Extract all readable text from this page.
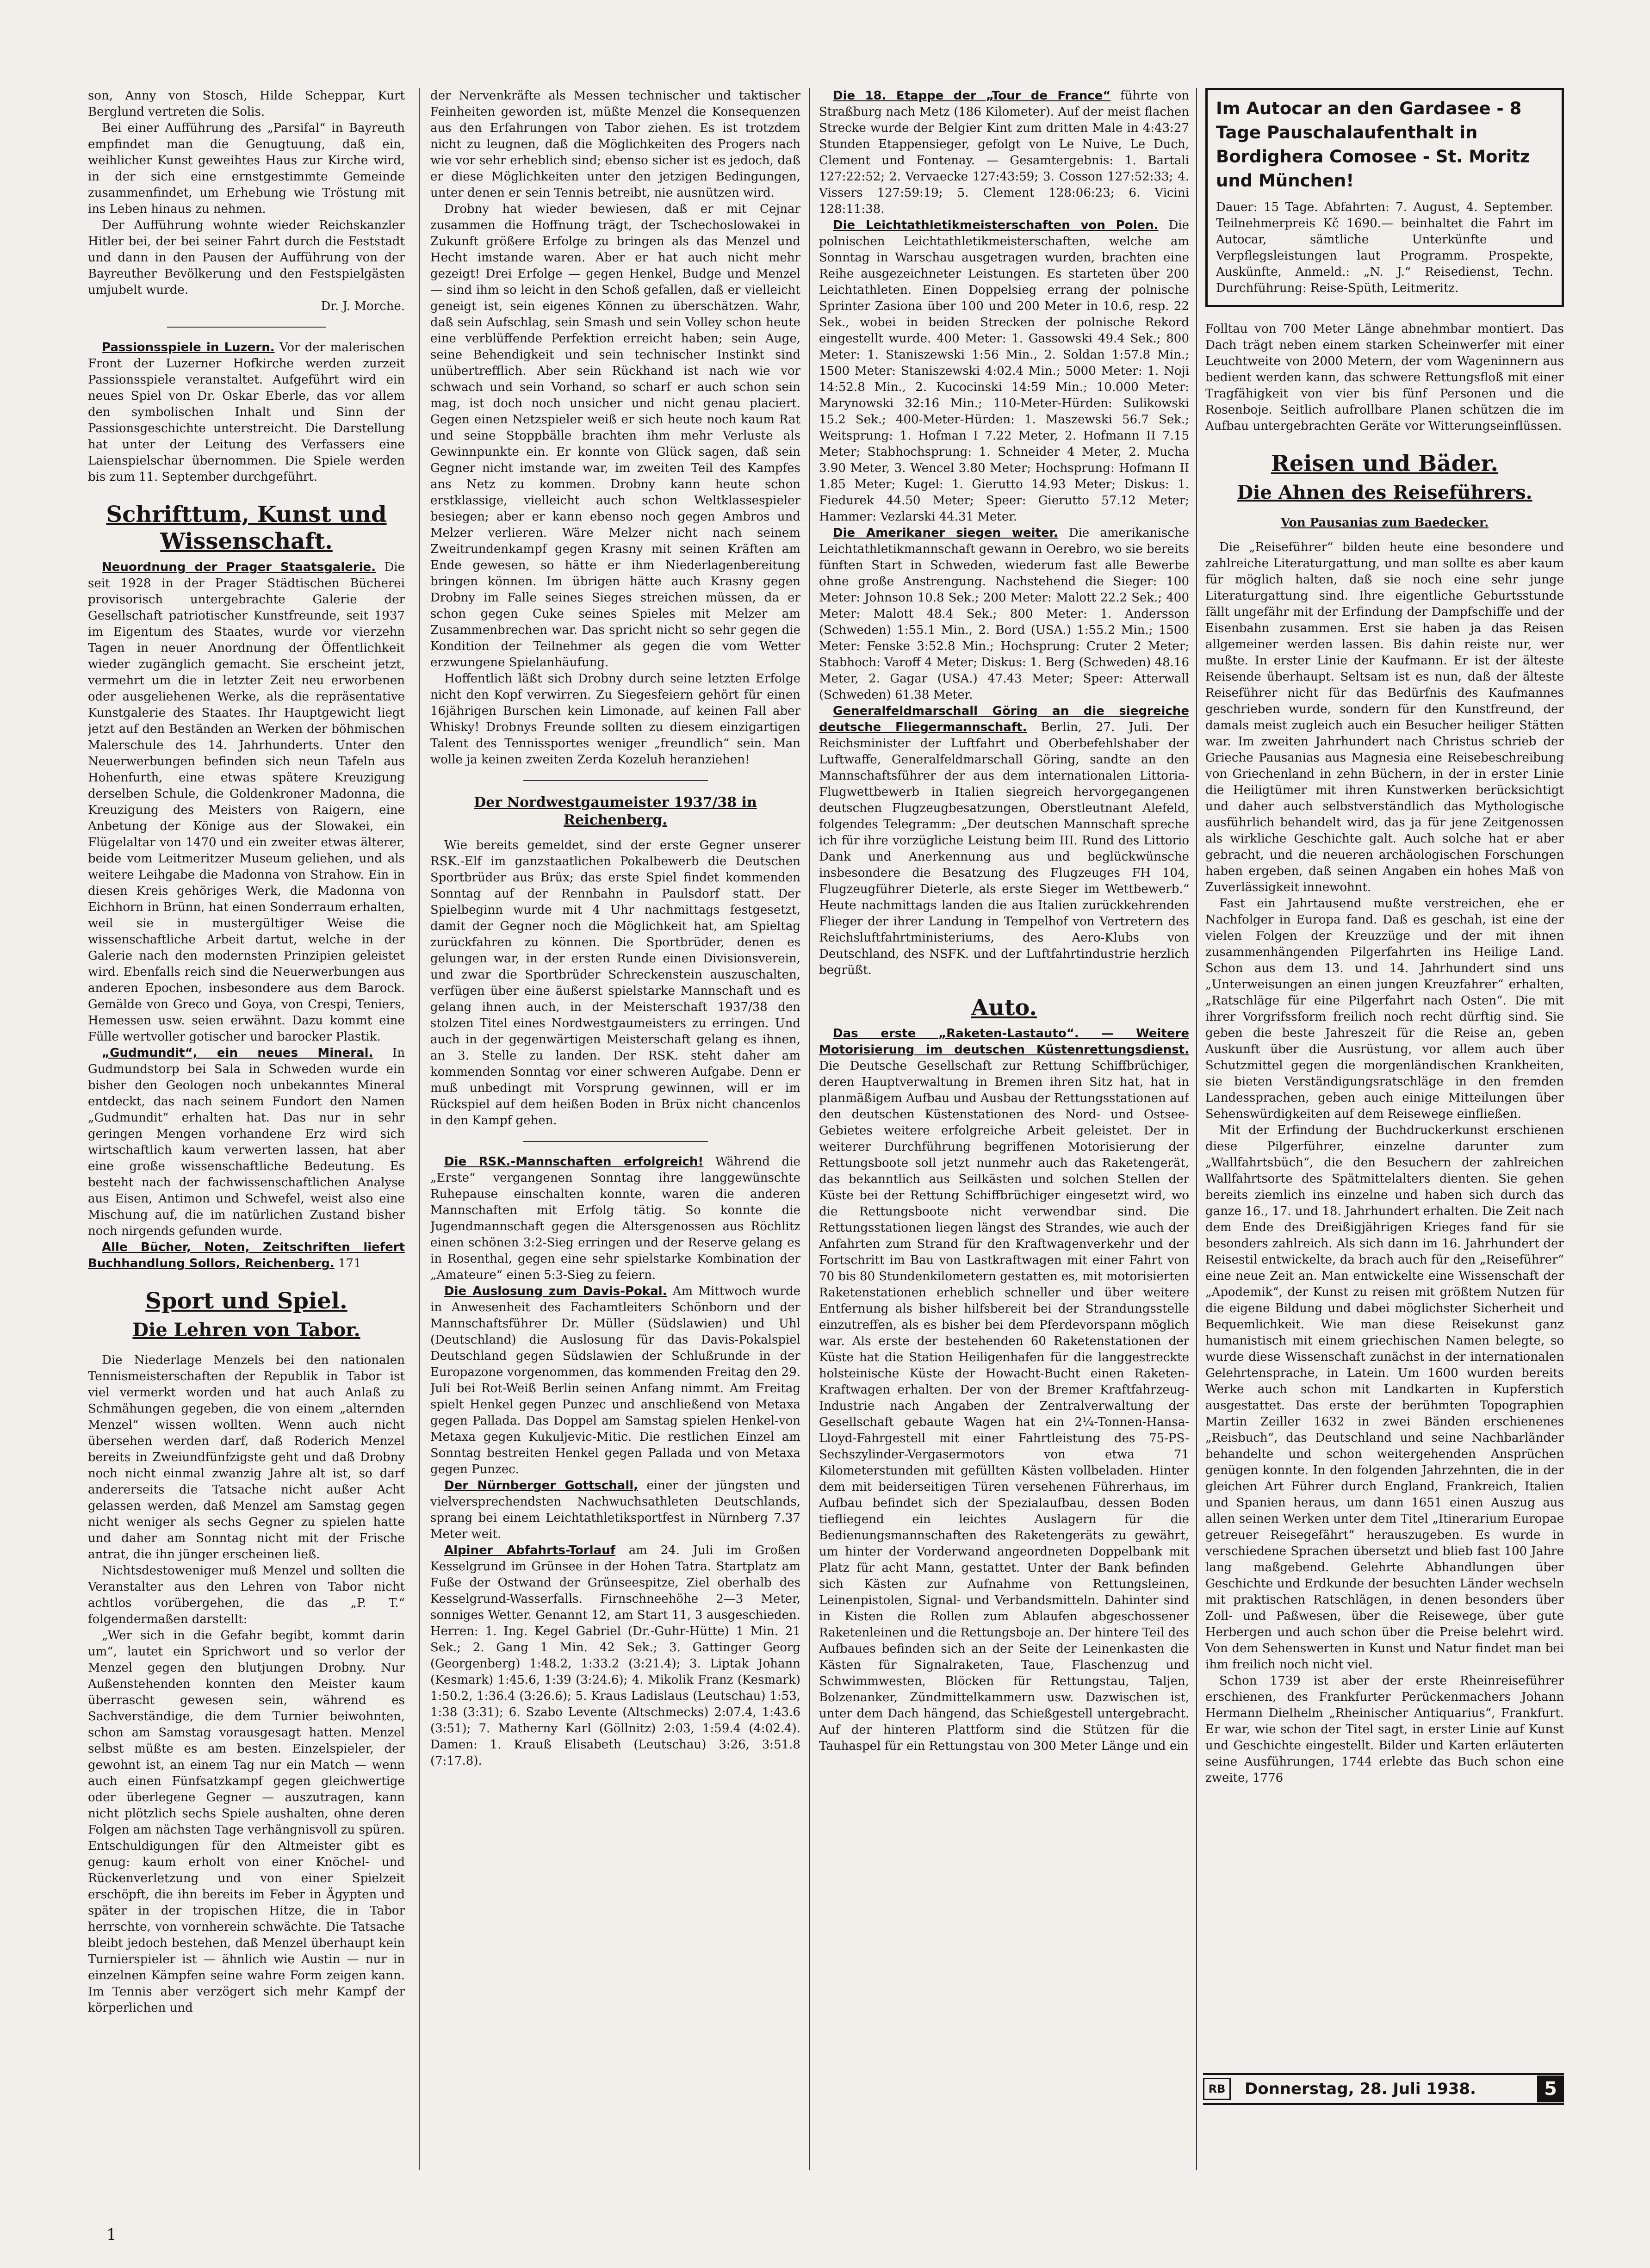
son, Anny von Stosch, Hilde Scheppar, Kurt Berglund vertreten die Solis.

Bei einer Aufführung des „Parsifal“ in Bayreuth empfindet man die Genugtuung, daß ein, weihlicher Kunst geweihtes Haus zur Kirche wird, in der sich eine ernstgestimmte Gemeinde zusammenfindet, um Erhebung wie Tröstung mit ins Leben hinaus zu nehmen.

Der Aufführung wohnte wieder Reichskanzler Hitler bei, der bei seiner Fahrt durch die Feststadt und dann in den Pausen der Aufführung von der Bayreuther Bevölkerung und den Festspielgästen umjubelt wurde.

Dr. J. Morche.

Passionsspiele in Luzern. Vor der malerischen Front der Luzerner Hofkirche werden zurzeit Passionsspiele veranstaltet. Aufgeführt wird ein neues Spiel von Dr. Oskar Eberle, das vor allem den symbolischen Inhalt und Sinn der Passionsgeschichte unterstreicht. Die Darstellung hat unter der Leitung des Verfassers eine Laienspielschar übernommen. Die Spiele werden bis zum 11. September durchgeführt.

Schrifttum, Kunst und Wissenschaft.

Neuordnung der Prager Staatsgalerie. Die seit 1928 in der Prager Städtischen Bücherei provisorisch untergebrachte Galerie der Gesellschaft patriotischer Kunstfreunde, seit 1937 im Eigentum des Staates, wurde vor vierzehn Tagen in neuer Anordnung der Öffentlichkeit wieder zugänglich gemacht. Sie erscheint jetzt, vermehrt um die in letzter Zeit neu erworbenen oder ausgeliehenen Werke, als die repräsentative Kunstgalerie des Staates. Ihr Hauptgewicht liegt jetzt auf den Beständen an Werken der böhmischen Malerschule des 14. Jahrhunderts. Unter den Neuerwerbungen befinden sich neun Tafeln aus Hohenfurth, eine etwas spätere Kreuzigung derselben Schule, die Goldenkroner Madonna, die Kreuzigung des Meisters von Raigern, eine Anbetung der Könige aus der Slowakei, ein Flügelaltar von 1470 und ein zweiter etwas älterer, beide vom Leitmeritzer Museum geliehen, und als weitere Leihgabe die Madonna von Strahow. Ein in diesen Kreis gehöriges Werk, die Madonna von Eichhorn in Brünn, hat einen Sonderraum erhalten, weil sie in mustergültiger Weise die wissenschaftliche Arbeit dartut, welche in der Galerie nach den modernsten Prinzipien geleistet wird. Ebenfalls reich sind die Neuerwerbungen aus anderen Epochen, insbesondere aus dem Barock. Gemälde von Greco und Goya, von Crespi, Teniers, Hemessen usw. seien erwähnt. Dazu kommt eine Fülle wertvoller gotischer und barocker Plastik.

„Gudmundit“, ein neues Mineral. In Gudmundstorp bei Sala in Schweden wurde ein bisher den Geologen noch unbekanntes Mineral entdeckt, das nach seinem Fundort den Namen „Gudmundit“ erhalten hat. Das nur in sehr geringen Mengen vorhandene Erz wird sich wirtschaftlich kaum verwerten lassen, hat aber eine große wissenschaftliche Bedeutung. Es besteht nach der fachwissenschaftlichen Analyse aus Eisen, Antimon und Schwefel, weist also eine Mischung auf, die im natürlichen Zustand bisher noch nirgends gefunden wurde.

Alle Bücher, Noten, Zeitschriften liefert Buchhandlung Sollors, Reichenberg. 171

Sport und Spiel.
Die Lehren von Tabor.

Die Niederlage Menzels bei den nationalen Tennismeisterschaften der Republik in Tabor ist viel vermerkt worden und hat auch Anlaß zu Schmähungen gegeben, die von einem „alternden Menzel“ wissen wollten. Wenn auch nicht übersehen werden darf, daß Roderich Menzel bereits in Zweiundfünfzigste geht und daß Drobny noch nicht einmal zwanzig Jahre alt ist, so darf andererseits die Tatsache nicht außer Acht gelassen werden, daß Menzel am Samstag gegen nicht weniger als sechs Gegner zu spielen hatte und daher am Sonntag nicht mit der Frische antrat, die ihn jünger erscheinen ließ.

Nichtsdestoweniger muß Menzel und sollten die Veranstalter aus den Lehren von Tabor nicht achtlos vorübergehen, die das „P. T.“ folgendermaßen darstellt:

„Wer sich in die Gefahr begibt, kommt darin um“, lautet ein Sprichwort und so verlor der Menzel gegen den blutjungen Drobny. Nur Außenstehenden konnten den Meister kaum überrascht gewesen sein, während es Sachverständige, die dem Turnier beiwohnten, schon am Samstag vorausgesagt hatten. Menzel selbst müßte es am besten. Einzelspieler, der gewohnt ist, an einem Tag nur ein Match — wenn auch einen Fünfsatzkampf gegen gleichwertige oder überlegene Gegner — auszutragen, kann nicht plötzlich sechs Spiele aushalten, ohne deren Folgen am nächsten Tage verhängnisvoll zu spüren. Entschuldigungen für den Altmeister gibt es genug: kaum erholt von einer Knöchel- und Rückenverletzung und von einer Spielzeit erschöpft, die ihn bereits im Feber in Ägypten und später in der tropischen Hitze, die in Tabor herrschte, von vornherein schwächte. Die Tatsache bleibt jedoch bestehen, daß Menzel überhaupt kein Turnierspieler ist — ähnlich wie Austin — nur in einzelnen Kämpfen seine wahre Form zeigen kann. Im Tennis aber verzögert sich mehr Kampf der körperlichen und

der Nervenkräfte als Messen technischer und taktischer Feinheiten geworden ist, müßte Menzel die Konsequenzen aus den Erfahrungen von Tabor ziehen. Es ist trotzdem nicht zu leugnen, daß die Möglichkeiten des Progers nach wie vor sehr erheblich sind; ebenso sicher ist es jedoch, daß er diese Möglichkeiten unter den jetzigen Bedingungen, unter denen er sein Tennis betreibt, nie ausnützen wird.

Drobny hat wieder bewiesen, daß er mit Cejnar zusammen die Hoffnung trägt, der Tschechoslowakei in Zukunft größere Erfolge zu bringen als das Menzel und Hecht imstande waren. Aber er hat auch nicht mehr gezeigt! Drei Erfolge — gegen Henkel, Budge und Menzel — sind ihm so leicht in den Schoß gefallen, daß er vielleicht geneigt ist, sein eigenes Können zu überschätzen. Wahr, daß sein Aufschlag, sein Smash und sein Volley schon heute eine verblüffende Perfektion erreicht haben; sein Auge, seine Behendigkeit und sein technischer Instinkt sind unübertrefflich. Aber sein Rückhand ist nach wie vor schwach und sein Vorhand, so scharf er auch schon sein mag, ist doch noch unsicher und nicht genau placiert. Gegen einen Netzspieler weiß er sich heute noch kaum Rat und seine Stoppbälle brachten ihm mehr Verluste als Gewinnpunkte ein. Er konnte von Glück sagen, daß sein Gegner nicht imstande war, im zweiten Teil des Kampfes ans Netz zu kommen. Drobny kann heute schon erstklassige, vielleicht auch schon Weltklassespieler besiegen; aber er kann ebenso noch gegen Ambros und Melzer verlieren. Wäre Melzer nicht nach seinem Zweitrundenkampf gegen Krasny mit seinen Kräften am Ende gewesen, so hätte er ihm Niederlagenbereitung bringen können. Im übrigen hätte auch Krasny gegen Drobny im Falle seines Sieges streichen müssen, da er schon gegen Cuke seines Spieles mit Melzer am Zusammenbrechen war. Das spricht nicht so sehr gegen die Kondition der Teilnehmer als gegen die vom Wetter erzwungene Spielanhäufung.

Hoffentlich läßt sich Drobny durch seine letzten Erfolge nicht den Kopf verwirren. Zu Siegesfeiern gehört für einen 16jährigen Burschen kein Limonade, auf keinen Fall aber Whisky! Drobnys Freunde sollten zu diesem einzigartigen Talent des Tennissportes weniger „freundlich“ sein. Man wolle ja keinen zweiten Zerda Kozeluh heranziehen!

Der Nordwestgaumeister 1937/38 in Reichenberg.

Wie bereits gemeldet, sind der erste Gegner unserer RSK.-Elf im ganzstaatlichen Pokalbewerb die Deutschen Sportbrüder aus Brüx; das erste Spiel findet kommenden Sonntag auf der Rennbahn in Paulsdorf statt. Der Spielbeginn wurde mit 4 Uhr nachmittags festgesetzt, damit der Gegner noch die Möglichkeit hat, am Spieltag zurückfahren zu können. Die Sportbrüder, denen es gelungen war, in der ersten Runde einen Divisionsverein, und zwar die Sportbrüder Schreckenstein auszuschalten, verfügen über eine äußerst spielstarke Mannschaft und es gelang ihnen auch, in der Meisterschaft 1937/38 den stolzen Titel eines Nordwestgaumeisters zu erringen. Und auch in der gegenwärtigen Meisterschaft gelang es ihnen, an 3. Stelle zu landen. Der RSK. steht daher am kommenden Sonntag vor einer schweren Aufgabe. Denn er muß unbedingt mit Vorsprung gewinnen, will er im Rückspiel auf dem heißen Boden in Brüx nicht chancenlos in den Kampf gehen.

Die RSK.-Mannschaften erfolgreich! Während die „Erste“ vergangenen Sonntag ihre langgewünschte Ruhepause einschalten konnte, waren die anderen Mannschaften mit Erfolg tätig. So konnte die Jugendmannschaft gegen die Altersgenossen aus Röchlitz einen schönen 3:2-Sieg erringen und der Reserve gelang es in Rosenthal, gegen eine sehr spielstarke Kombination der „Amateure“ einen 5:3-Sieg zu feiern.

Die Auslosung zum Davis-Pokal. Am Mittwoch wurde in Anwesenheit des Fachamtleiters Schönborn und der Mannschaftsführer Dr. Müller (Südslawien) und Uhl (Deutschland) die Auslosung für das Davis-Pokalspiel Deutschland gegen Südslawien der Schlußrunde in der Europazone vorgenommen, das kommenden Freitag den 29. Juli bei Rot-Weiß Berlin seinen Anfang nimmt. Am Freitag spielt Henkel gegen Punzec und anschließend von Metaxa gegen Pallada. Das Doppel am Samstag spielen Henkel-von Metaxa gegen Kukuljevic-Mitic. Die restlichen Einzel am Sonntag bestreiten Henkel gegen Pallada und von Metaxa gegen Punzec.

Der Nürnberger Gottschall, einer der jüngsten und vielversprechendsten Nachwuchsathleten Deutschlands, sprang bei einem Leichtathletiksportfest in Nürnberg 7.37 Meter weit.

Alpiner Abfahrts-Torlauf am 24. Juli im Großen Kesselgrund im Grünsee in der Hohen Tatra. Startplatz am Fuße der Ostwand der Grünseespitze, Ziel oberhalb des Kesselgrund-Wasserfalls. Firnschneehöhe 2—3 Meter, sonniges Wetter. Genannt 12, am Start 11, 3 ausgeschieden. Herren: 1. Ing. Kegel Gabriel (Dr.-Guhr-Hütte) 1 Min. 21 Sek.; 2. Gang 1 Min. 42 Sek.; 3. Gattinger Georg (Georgenberg) 1:48.2, 1:33.2 (3:21.4); 3. Liptak Johann (Kesmark) 1:45.6, 1:39 (3:24.6); 4. Mikolik Franz (Kesmark) 1:50.2, 1:36.4 (3:26.6); 5. Kraus Ladislaus (Leutschau) 1:53, 1:38 (3:31); 6. Szabo Levente (Altschmecks) 2:07.4, 1:43.6 (3:51); 7. Matherny Karl (Göllnitz) 2:03, 1:59.4 (4:02.4). Damen: 1. Krauß Elisabeth (Leutschau) 3:26, 3:51.8 (7:17.8).

Die 18. Etappe der „Tour de France“ führte von Straßburg nach Metz (186 Kilometer). Auf der meist flachen Strecke wurde der Belgier Kint zum dritten Male in 4:43:27 Stunden Etappensieger, gefolgt von Le Nuive, Le Duch, Clement und Fontenay. — Gesamtergebnis: 1. Bartali 127:22:52; 2. Vervaecke 127:43:59; 3. Cosson 127:52:33; 4. Vissers 127:59:19; 5. Clement 128:06:23; 6. Vicini 128:11:38.

Die Leichtathletikmeisterschaften von Polen. Die polnischen Leichtathletikmeisterschaften, welche am Sonntag in Warschau ausgetragen wurden, brachten eine Reihe ausgezeichneter Leistungen. Es starteten über 200 Leichtathleten. Einen Doppelsieg errang der polnische Sprinter Zasiona über 100 und 200 Meter in 10.6, resp. 22 Sek., wobei in beiden Strecken der polnische Rekord eingestellt wurde. 400 Meter: 1. Gassowski 49.4 Sek.; 800 Meter: 1. Staniszewski 1:56 Min., 2. Soldan 1:57.8 Min.; 1500 Meter: Staniszewski 4:02.4 Min.; 5000 Meter: 1. Noji 14:52.8 Min., 2. Kucocinski 14:59 Min.; 10.000 Meter: Marynowski 32:16 Min.; 110-Meter-Hürden: Sulikowski 15.2 Sek.; 400-Meter-Hürden: 1. Maszewski 56.7 Sek.; Weitsprung: 1. Hofman I 7.22 Meter, 2. Hofmann II 7.15 Meter; Stabhochsprung: 1. Schneider 4 Meter, 2. Mucha 3.90 Meter, 3. Wencel 3.80 Meter; Hochsprung: Hofmann II 1.85 Meter; Kugel: 1. Gierutto 14.93 Meter; Diskus: 1. Fiedurek 44.50 Meter; Speer: Gierutto 57.12 Meter; Hammer: Vezlarski 44.31 Meter.

Die Amerikaner siegen weiter. Die amerikanische Leichtathletikmannschaft gewann in Oerebro, wo sie bereits fünften Start in Schweden, wiederum fast alle Bewerbe ohne große Anstrengung. Nachstehend die Sieger: 100 Meter: Johnson 10.8 Sek.; 200 Meter: Malott 22.2 Sek.; 400 Meter: Malott 48.4 Sek.; 800 Meter: 1. Andersson (Schweden) 1:55.1 Min., 2. Bord (USA.) 1:55.2 Min.; 1500 Meter: Fenske 3:52.8 Min.; Hochsprung: Cruter 2 Meter; Stabhoch: Varoff 4 Meter; Diskus: 1. Berg (Schweden) 48.16 Meter, 2. Gagar (USA.) 47.43 Meter; Speer: Atterwall (Schweden) 61.38 Meter.

Generalfeldmarschall Göring an die siegreiche deutsche Fliegermannschaft. Berlin, 27. Juli. Der Reichsminister der Luftfahrt und Oberbefehlshaber der Luftwaffe, Generalfeldmarschall Göring, sandte an den Mannschaftsführer der aus dem internationalen Littoria-Flugwettbewerb in Italien siegreich hervorgegangenen deutschen Flugzeugbesatzungen, Oberstleutnant Alefeld, folgendes Telegramm: „Der deutschen Mannschaft spreche ich für ihre vorzügliche Leistung beim III. Rund des Littorio Dank und Anerkennung aus und beglückwünsche insbesondere die Besatzung des Flugzeuges FH 104, Flugzeugführer Dieterle, als erste Sieger im Wettbewerb.“ Heute nachmittags landen die aus Italien zurückkehrenden Flieger der ihrer Landung in Tempelhof von Vertretern des Reichsluftfahrtministeriums, des Aero-Klubs von Deutschland, des NSFK. und der Luftfahrtindustrie herzlich begrüßt.

Auto.

Das erste „Raketen-Lastauto“. — Weitere Motorisierung im deutschen Küstenrettungsdienst. Die Deutsche Gesellschaft zur Rettung Schiffbrüchiger, deren Hauptverwaltung in Bremen ihren Sitz hat, hat in planmäßigem Aufbau und Ausbau der Rettungsstationen auf den deutschen Küstenstationen des Nord- und Ostsee-Gebietes weitere erfolgreiche Arbeit geleistet. Der in weiterer Durchführung begriffenen Motorisierung der Rettungsboote soll jetzt nunmehr auch das Raketengerät, das bekanntlich aus Seilkästen und solchen Stellen der Küste bei der Rettung Schiffbrüchiger eingesetzt wird, wo die Rettungsboote nicht verwendbar sind. Die Rettungsstationen liegen längst des Strandes, wie auch der Anfahrten zum Strand für den Kraftwagenverkehr und der Fortschritt im Bau von Lastkraftwagen mit einer Fahrt von 70 bis 80 Stundenkilometern gestatten es, mit motorisierten Raketenstationen erheblich schneller und über weitere Entfernung als bisher hilfsbereit bei der Strandungsstelle einzutreffen, als es bisher bei dem Pferdevorspann möglich war. Als erste der bestehenden 60 Raketenstationen der Küste hat die Station Heiligenhafen für die langgestreckte holsteinische Küste der Howacht-Bucht einen Raketen-Kraftwagen erhalten. Der von der Bremer Kraftfahrzeug-Industrie nach Angaben der Zentralverwaltung der Gesellschaft gebaute Wagen hat ein 2¼-Tonnen-Hansa-Lloyd-Fahrgestell mit einer Fahrtleistung des 75-PS-Sechszylinder-Vergasermotors von etwa 71 Kilometerstunden mit gefüllten Kästen vollbeladen. Hinter dem mit beiderseitigen Türen versehenen Führerhaus, im Aufbau befindet sich der Spezialaufbau, dessen Boden tiefliegend ein leichtes Auslagern für die Bedienungsmannschaften des Raketengeräts zu gewährt, um hinter der Vorderwand angeordneten Doppelbank mit Platz für acht Mann, gestattet. Unter der Bank befinden sich Kästen zur Aufnahme von Rettungsleinen, Leinenpistolen, Signal- und Verbandsmitteln. Dahinter sind in Kisten die Rollen zum Ablaufen abgeschossener Raketenleinen und die Rettungsboje an. Der hintere Teil des Aufbaues befinden sich an der Seite der Leinenkasten die Kästen für Signalraketen, Taue, Flaschenzug und Schwimmwesten, Blöcken für Rettungstau, Taljen, Bolzenanker, Zündmittelkammern usw. Dazwischen ist, unter dem Dach hängend, das Schießgestell untergebracht. Auf der hinteren Plattform sind die Stützen für die Tauhaspel für ein Rettungstau von 300 Meter Länge und ein

Im Autocar an den Gardasee - 8 Tage Pauschalaufenthalt in Bordighera Comosee - St. Moritz und München!

Dauer: 15 Tage. Abfahrten: 7. August, 4. September. Teilnehmerpreis Kč 1690.— beinhaltet die Fahrt im Autocar, sämtliche Unterkünfte und Verpflegsleistungen laut Programm. Prospekte, Auskünfte, Anmeld.: „N. J.“ Reisedienst, Techn. Durchführung: Reise-Spüth, Leitmeritz.

Folltau von 700 Meter Länge abnehmbar montiert. Das Dach trägt neben einem starken Scheinwerfer mit einer Leuchtweite von 2000 Metern, der vom Wageninnern aus bedient werden kann, das schwere Rettungsfloß mit einer Tragfähigkeit von vier bis fünf Personen und die Rosenboje. Seitlich aufrollbare Planen schützen die im Aufbau untergebrachten Geräte vor Witterungseinflüssen.

Reisen und Bäder.
Die Ahnen des Reiseführers.
Von Pausanias zum Baedecker.

Die „Reiseführer“ bilden heute eine besondere und zahlreiche Literaturgattung, und man sollte es aber kaum für möglich halten, daß sie noch eine sehr junge Literaturgattung sind. Ihre eigentliche Geburtsstunde fällt ungefähr mit der Erfindung der Dampfschiffe und der Eisenbahn zusammen. Erst sie haben ja das Reisen allgemeiner werden lassen. Bis dahin reiste nur, wer mußte. In erster Linie der Kaufmann. Er ist der älteste Reisende überhaupt. Seltsam ist es nun, daß der älteste Reiseführer nicht für das Bedürfnis des Kaufmannes geschrieben wurde, sondern für den Kunstfreund, der damals meist zugleich auch ein Besucher heiliger Stätten war. Im zweiten Jahrhundert nach Christus schrieb der Grieche Pausanias aus Magnesia eine Reisebeschreibung von Griechenland in zehn Büchern, in der in erster Linie die Heiligtümer mit ihren Kunstwerken berücksichtigt und daher auch selbstverständlich das Mythologische ausführlich behandelt wird, das ja für jene Zeitgenossen als wirkliche Geschichte galt. Auch solche hat er aber gebracht, und die neueren archäologischen Forschungen haben ergeben, daß seinen Angaben ein hohes Maß von Zuverlässigkeit innewohnt.

Fast ein Jahrtausend mußte verstreichen, ehe er Nachfolger in Europa fand. Daß es geschah, ist eine der vielen Folgen der Kreuzzüge und der mit ihnen zusammenhängenden Pilgerfahrten ins Heilige Land. Schon aus dem 13. und 14. Jahrhundert sind uns „Unterweisungen an einen jungen Kreuzfahrer“ erhalten, „Ratschläge für eine Pilgerfahrt nach Osten“. Die mit ihrer Vorgrifssform freilich noch recht dürftig sind. Sie geben die beste Jahreszeit für die Reise an, geben Auskunft über die Ausrüstung, vor allem auch über Schutzmittel gegen die morgenländischen Krankheiten, sie bieten Verständigungsratschläge in den fremden Landessprachen, geben auch einige Mitteilungen über Sehenswürdigkeiten auf dem Reisewege einfließen.

Mit der Erfindung der Buchdruckerkunst erschienen diese Pilgerführer, einzelne darunter zum „Wallfahrtsbüch“, die den Besuchern der zahlreichen Wallfahrtsorte des Spätmittelalters dienten. Sie gehen bereits ziemlich ins einzelne und haben sich durch das ganze 16., 17. und 18. Jahrhundert erhalten. Die Zeit nach dem Ende des Dreißigjährigen Krieges fand für sie besonders zahlreich. Als sich dann im 16. Jahrhundert der Reisestil entwickelte, da brach auch für den „Reiseführer“ eine neue Zeit an. Man entwickelte eine Wissenschaft der „Apodemik“, der Kunst zu reisen mit größtem Nutzen für die eigene Bildung und dabei möglichster Sicherheit und Bequemlichkeit. Wie man diese Reisekunst ganz humanistisch mit einem griechischen Namen belegte, so wurde diese Wissenschaft zunächst in der internationalen Gelehrtensprache, in Latein. Um 1600 wurden bereits Werke auch schon mit Landkarten in Kupferstich ausgestattet. Das erste der berühmten Topographien Martin Zeiller 1632 in zwei Bänden erschienenes „Reisbuch“, das Deutschland und seine Nachbarländer behandelte und schon weitergehenden Ansprüchen genügen konnte. In den folgenden Jahrzehnten, die in der gleichen Art Führer durch England, Frankreich, Italien und Spanien heraus, um dann 1651 einen Auszug aus allen seinen Werken unter dem Titel „Itinerarium Europae getreuer Reisegefährt“ herauszugeben. Es wurde in verschiedene Sprachen übersetzt und blieb fast 100 Jahre lang maßgebend. Gelehrte Abhandlungen über Geschichte und Erdkunde der besuchten Länder wechseln mit praktischen Ratschlägen, in denen besonders über Zoll- und Paßwesen, über die Reisewege, über gute Herbergen und auch schon über die Preise belehrt wird. Von dem Sehenswerten in Kunst und Natur findet man bei ihm freilich noch nicht viel.

Schon 1739 ist aber der erste Rheinreiseführer erschienen, des Frankfurter Perückenmachers Johann Hermann Dielhelm „Rheinischer Antiquarius“, Frankfurt. Er war, wie schon der Titel sagt, in erster Linie auf Kunst und Geschichte eingestellt. Bilder und Karten erläuterten seine Ausführungen, 1744 erlebte das Buch schon eine zweite, 1776

RB	Donnerstag, 28. Juli 1938.	5
1
